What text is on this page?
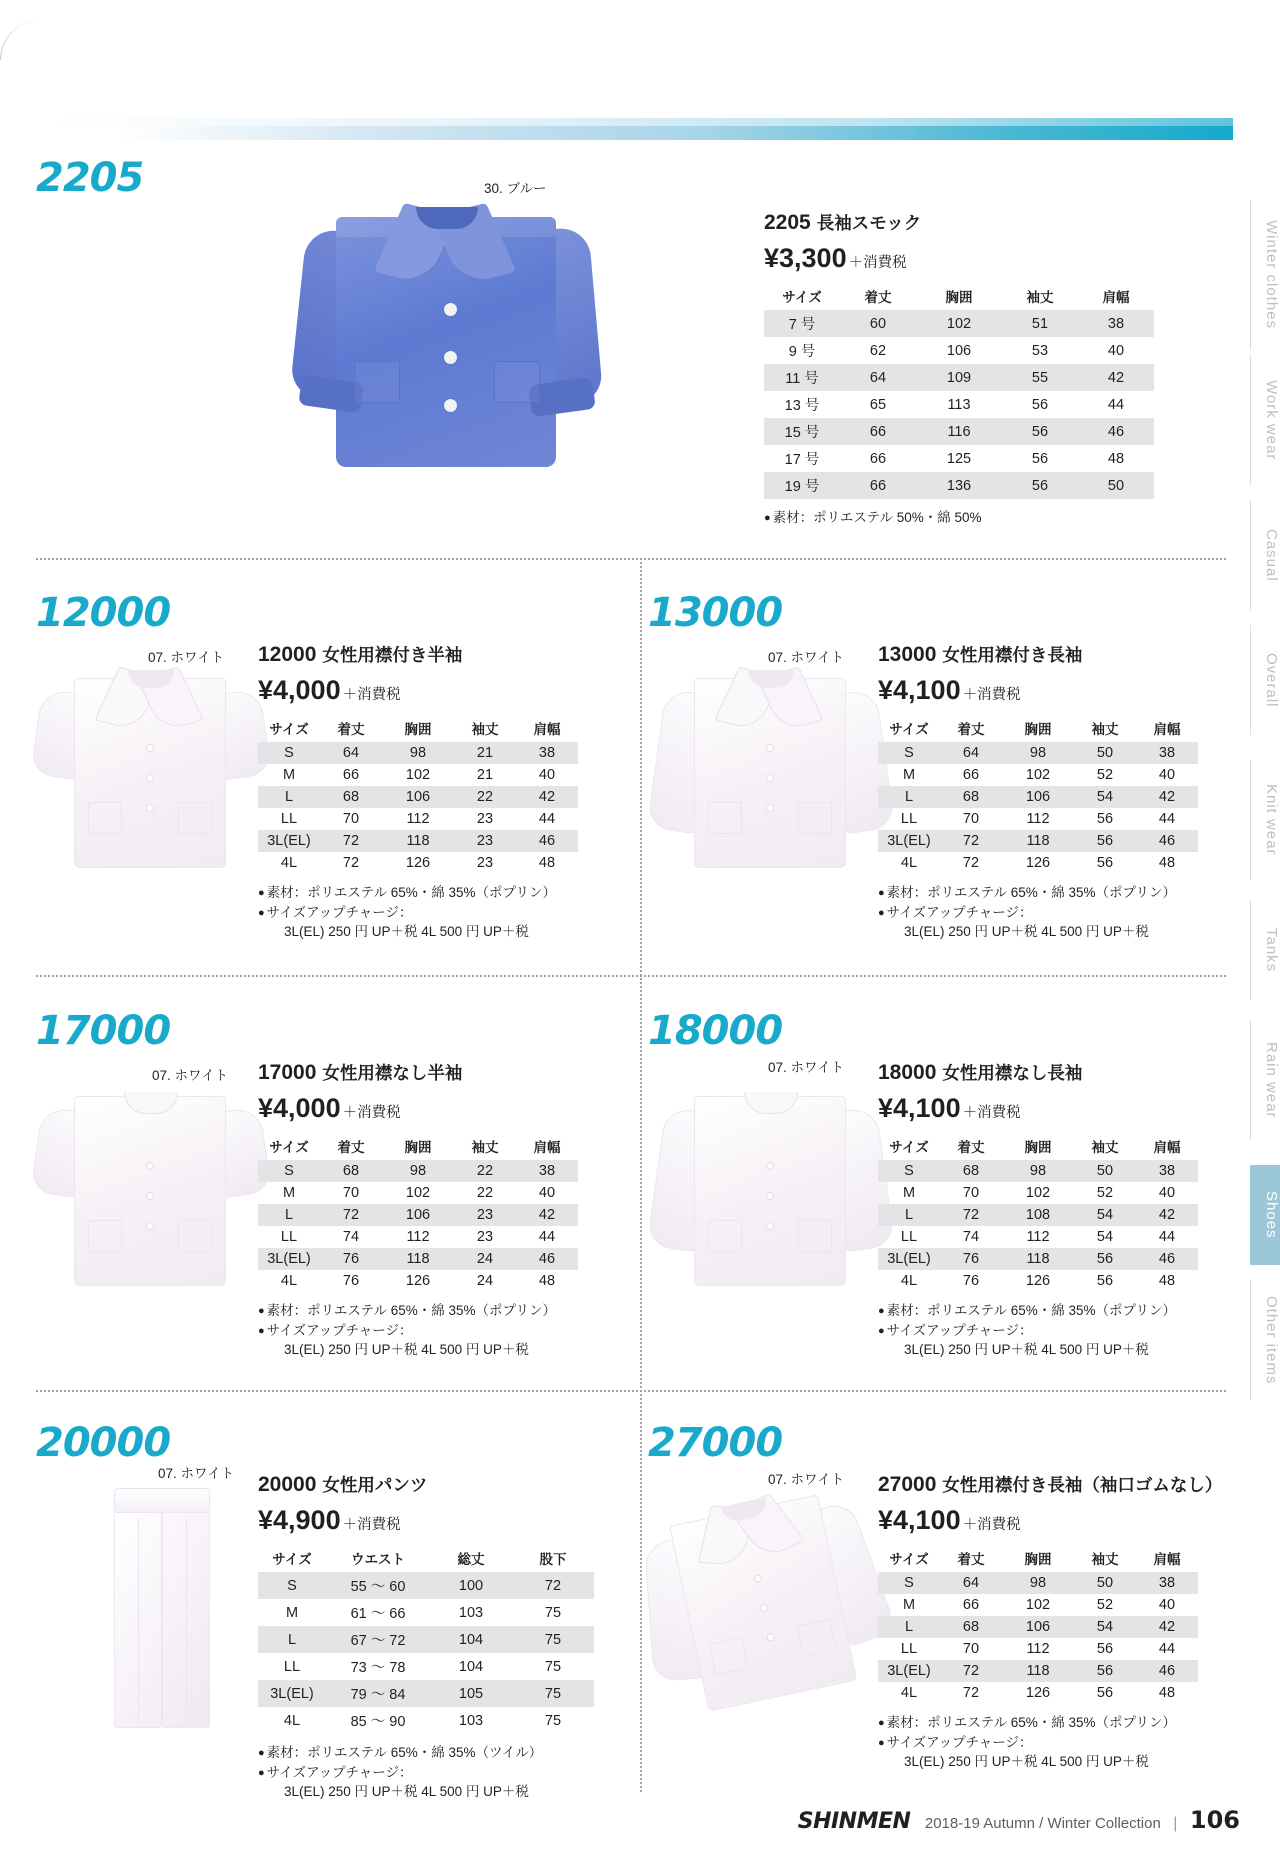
Winter clothes
Work wear
Casual
Overall
Knit wear
Tanks
Rain wear
Shoes
Other items
2205	30. ブルー
2205 長袖スモック
¥3,300 ＋消費税
サイズ	着丈	胸囲	袖丈	肩幅
7 号	60	102	51	38
9 号	62	106	53	40
11 号	64	109	55	42
13 号	65	113	56	44
15 号	66	116	56	46
17 号	66	125	56	48
19 号	66	136	56	50
● 素材：ポリエステル 50%・綿 50%
12000
07. ホワイト 12000 女性用襟付き半袖
¥4,000 ＋消費税
サイズ	着丈	胸囲	袖丈	肩幅
S	64	98	21	38
M	66	102	21	40
L	68	106	22	42
LL	70	112	23	44
3L(EL)	72	118	23	46
4L	72	126	23	48
● 素材：ポリエステル 65%・綿 35%（ポプリン）
● サイズアップチャージ：
3L(EL) 250 円 UP＋税 4L 500 円 UP＋税
13000
07. ホワイト 13000 女性用襟付き長袖
¥4,100 ＋消費税
サイズ	着丈	胸囲	袖丈	肩幅
S	64	98	50	38
M	66	102	52	40
L	68	106	54	42
LL	70	112	56	44
3L(EL)	72	118	56	46
4L	72	126	56	48
● 素材：ポリエステル 65%・綿 35%（ポプリン）
● サイズアップチャージ：
3L(EL) 250 円 UP＋税 4L 500 円 UP＋税
17000
07. ホワイト 17000 女性用襟なし半袖
¥4,000 ＋消費税
サイズ	着丈	胸囲	袖丈	肩幅
S	68	98	22	38
M	70	102	22	40
L	72	106	23	42
LL	74	112	23	44
3L(EL)	76	118	24	46
4L	76	126	24	48
● 素材：ポリエステル 65%・綿 35%（ポプリン）
● サイズアップチャージ：
3L(EL) 250 円 UP＋税 4L 500 円 UP＋税
18000
07. ホワイト 18000 女性用襟なし長袖
¥4,100 ＋消費税
サイズ	着丈	胸囲	袖丈	肩幅
S	68	98	50	38
M	70	102	52	40
L	72	108	54	42
LL	74	112	54	44
3L(EL)	76	118	56	46
4L	76	126	56	48
● 素材：ポリエステル 65%・綿 35%（ポプリン）
● サイズアップチャージ：
3L(EL) 250 円 UP＋税 4L 500 円 UP＋税
20000
07. ホワイト 20000 女性用パンツ
¥4,900 ＋消費税
サイズ	ウエスト	総丈	股下
S	55 〜 60	100	72
M	61 〜 66	103	75
L	67 〜 72	104	75
LL	73 〜 78	104	75
3L(EL)	79 〜 84	105	75
4L	85 〜 90	103	75
● 素材：ポリエステル 65%・綿 35%（ツイル）
● サイズアップチャージ：
3L(EL) 250 円 UP＋税 4L 500 円 UP＋税
27000
07. ホワイト 27000 女性用襟付き長袖（袖口ゴムなし）
¥4,100 ＋消費税
サイズ	着丈	胸囲	袖丈	肩幅
S	64	98	50	38
M	66	102	52	40
L	68	106	54	42
LL	70	112	56	44
3L(EL)	72	118	56	46
4L	72	126	56	48
● 素材：ポリエステル 65%・綿 35%（ポプリン）
● サイズアップチャージ：
3L(EL) 250 円 UP＋税 4L 500 円 UP＋税
SHINMEN 2018-19 Autumn / Winter Collection | 106
